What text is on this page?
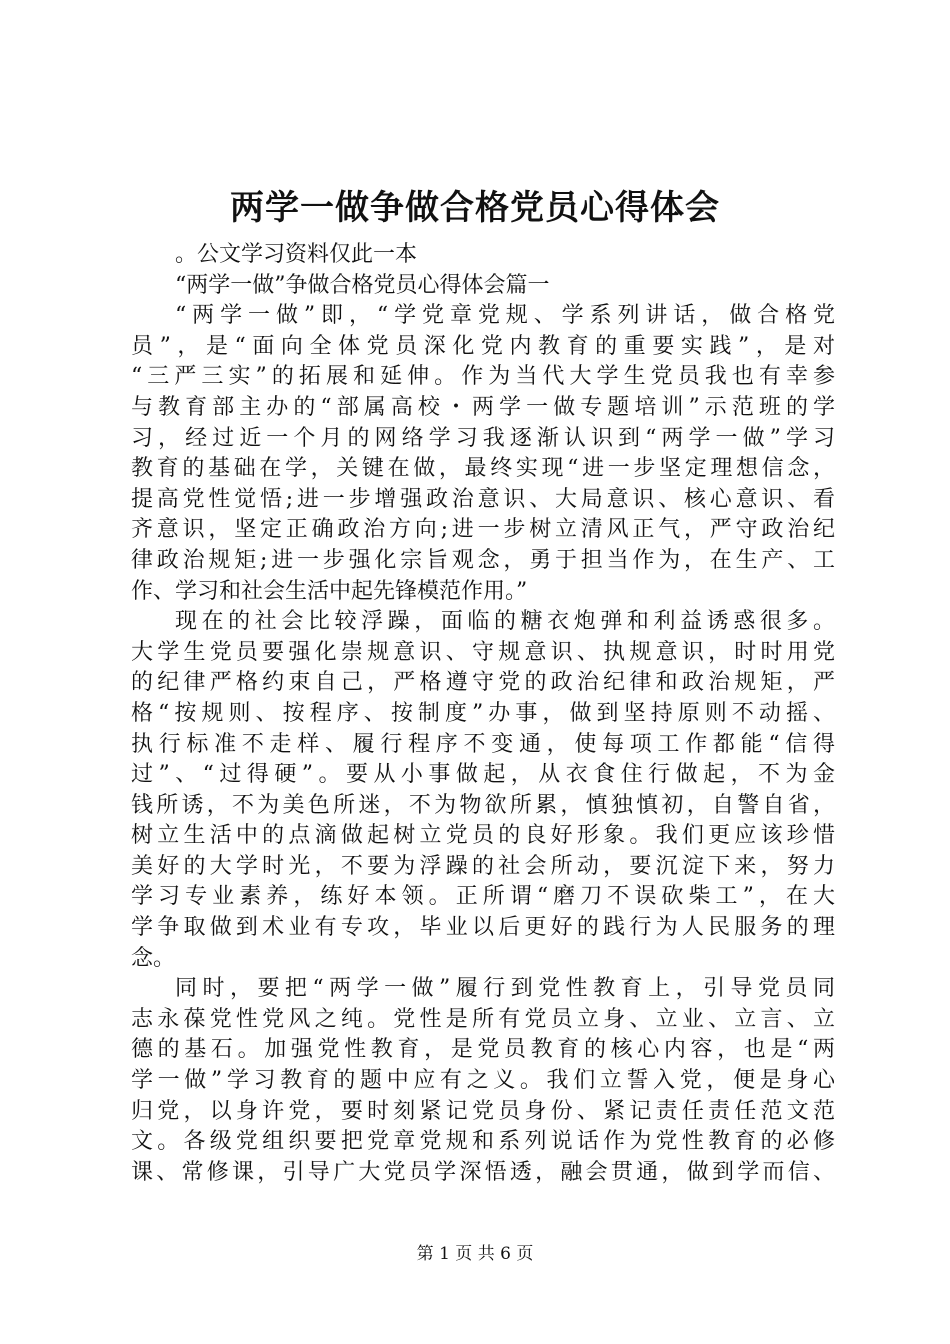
两学一做争做合格党员心得体会
。公文学习资料仅此一本
“两学一做”争做合格党员心得体会篇一
“两学一做”即，“学党章党规、学系列讲话，做合格党
员”，是“面向全体党员深化党内教育的重要实践”，是对
“三严三实”的拓展和延伸。作为当代大学生党员我也有幸参
与教育部主办的“部属高校・两学一做专题培训”示范班的学
习，经过近一个月的网络学习我逐渐认识到“两学一做”学习
教育的基础在学，关键在做，最终实现“进一步坚定理想信念，
提高党性觉悟;进一步增强政治意识、大局意识、核心意识、看
齐意识，坚定正确政治方向;进一步树立清风正气，严守政治纪
律政治规矩;进一步强化宗旨观念，勇于担当作为，在生产、工
作、学习和社会生活中起先锋模范作用。”
现在的社会比较浮躁，面临的糖衣炮弹和利益诱惑很多。
大学生党员要强化崇规意识、守规意识、执规意识，时时用党
的纪律严格约束自己，严格遵守党的政治纪律和政治规矩，严
格“按规则、按程序、按制度”办事，做到坚持原则不动摇、
执行标准不走样、履行程序不变通，使每项工作都能“信得
过”、“过得硬”。要从小事做起，从衣食住行做起，不为金
钱所诱，不为美色所迷，不为物欲所累，慎独慎初，自警自省，
树立生活中的点滴做起树立党员的良好形象。我们更应该珍惜
美好的大学时光，不要为浮躁的社会所动，要沉淀下来，努力
学习专业素养，练好本领。正所谓“磨刀不误砍柴工”，在大
学争取做到术业有专攻，毕业以后更好的践行为人民服务的理
念。
同时，要把“两学一做”履行到党性教育上，引导党员同
志永葆党性党风之纯。党性是所有党员立身、立业、立言、立
德的基石。加强党性教育，是党员教育的核心内容，也是“两
学一做”学习教育的题中应有之义。我们立誓入党，便是身心
归党，以身许党，要时刻紧记党员身份、紧记责任责任范文范
文。各级党组织要把党章党规和系列说话作为党性教育的必修
课、常修课，引导广大党员学深悟透，融会贯通，做到学而信、
第 1 页 共 6 页
